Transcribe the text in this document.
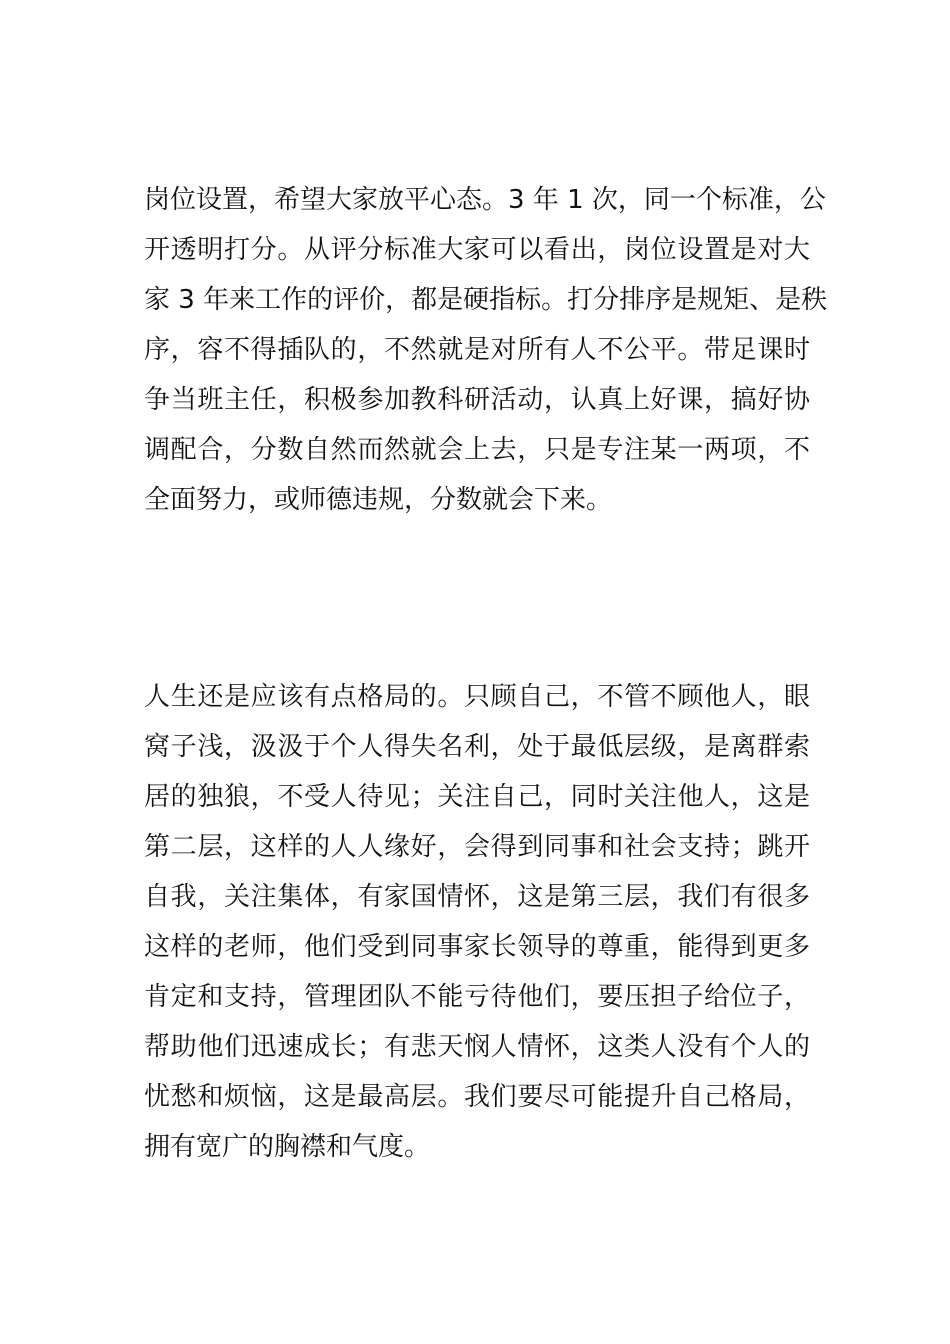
岗位设置，希望大家放平心态。3 年 1 次，同一个标准，公
开透明打分。从评分标准大家可以看出，岗位设置是对大
家 3 年来工作的评价，都是硬指标。打分排序是规矩、是秩
序，容不得插队的，不然就是对所有人不公平。带足课时
争当班主任，积极参加教科研活动，认真上好课，搞好协
调配合，分数自然而然就会上去，只是专注某一两项，不
全面努力，或师德违规，分数就会下来。
人生还是应该有点格局的。只顾自己，不管不顾他人，眼
窝子浅，汲汲于个人得失名利，处于最低层级，是离群索
居的独狼，不受人待见；关注自己，同时关注他人，这是
第二层，这样的人人缘好，会得到同事和社会支持；跳开
自我，关注集体，有家国情怀，这是第三层，我们有很多
这样的老师，他们受到同事家长领导的尊重，能得到更多
肯定和支持，管理团队不能亏待他们，要压担子给位子，
帮助他们迅速成长；有悲天悯人情怀，这类人没有个人的
忧愁和烦恼，这是最高层。我们要尽可能提升自己格局，
拥有宽广的胸襟和气度。
